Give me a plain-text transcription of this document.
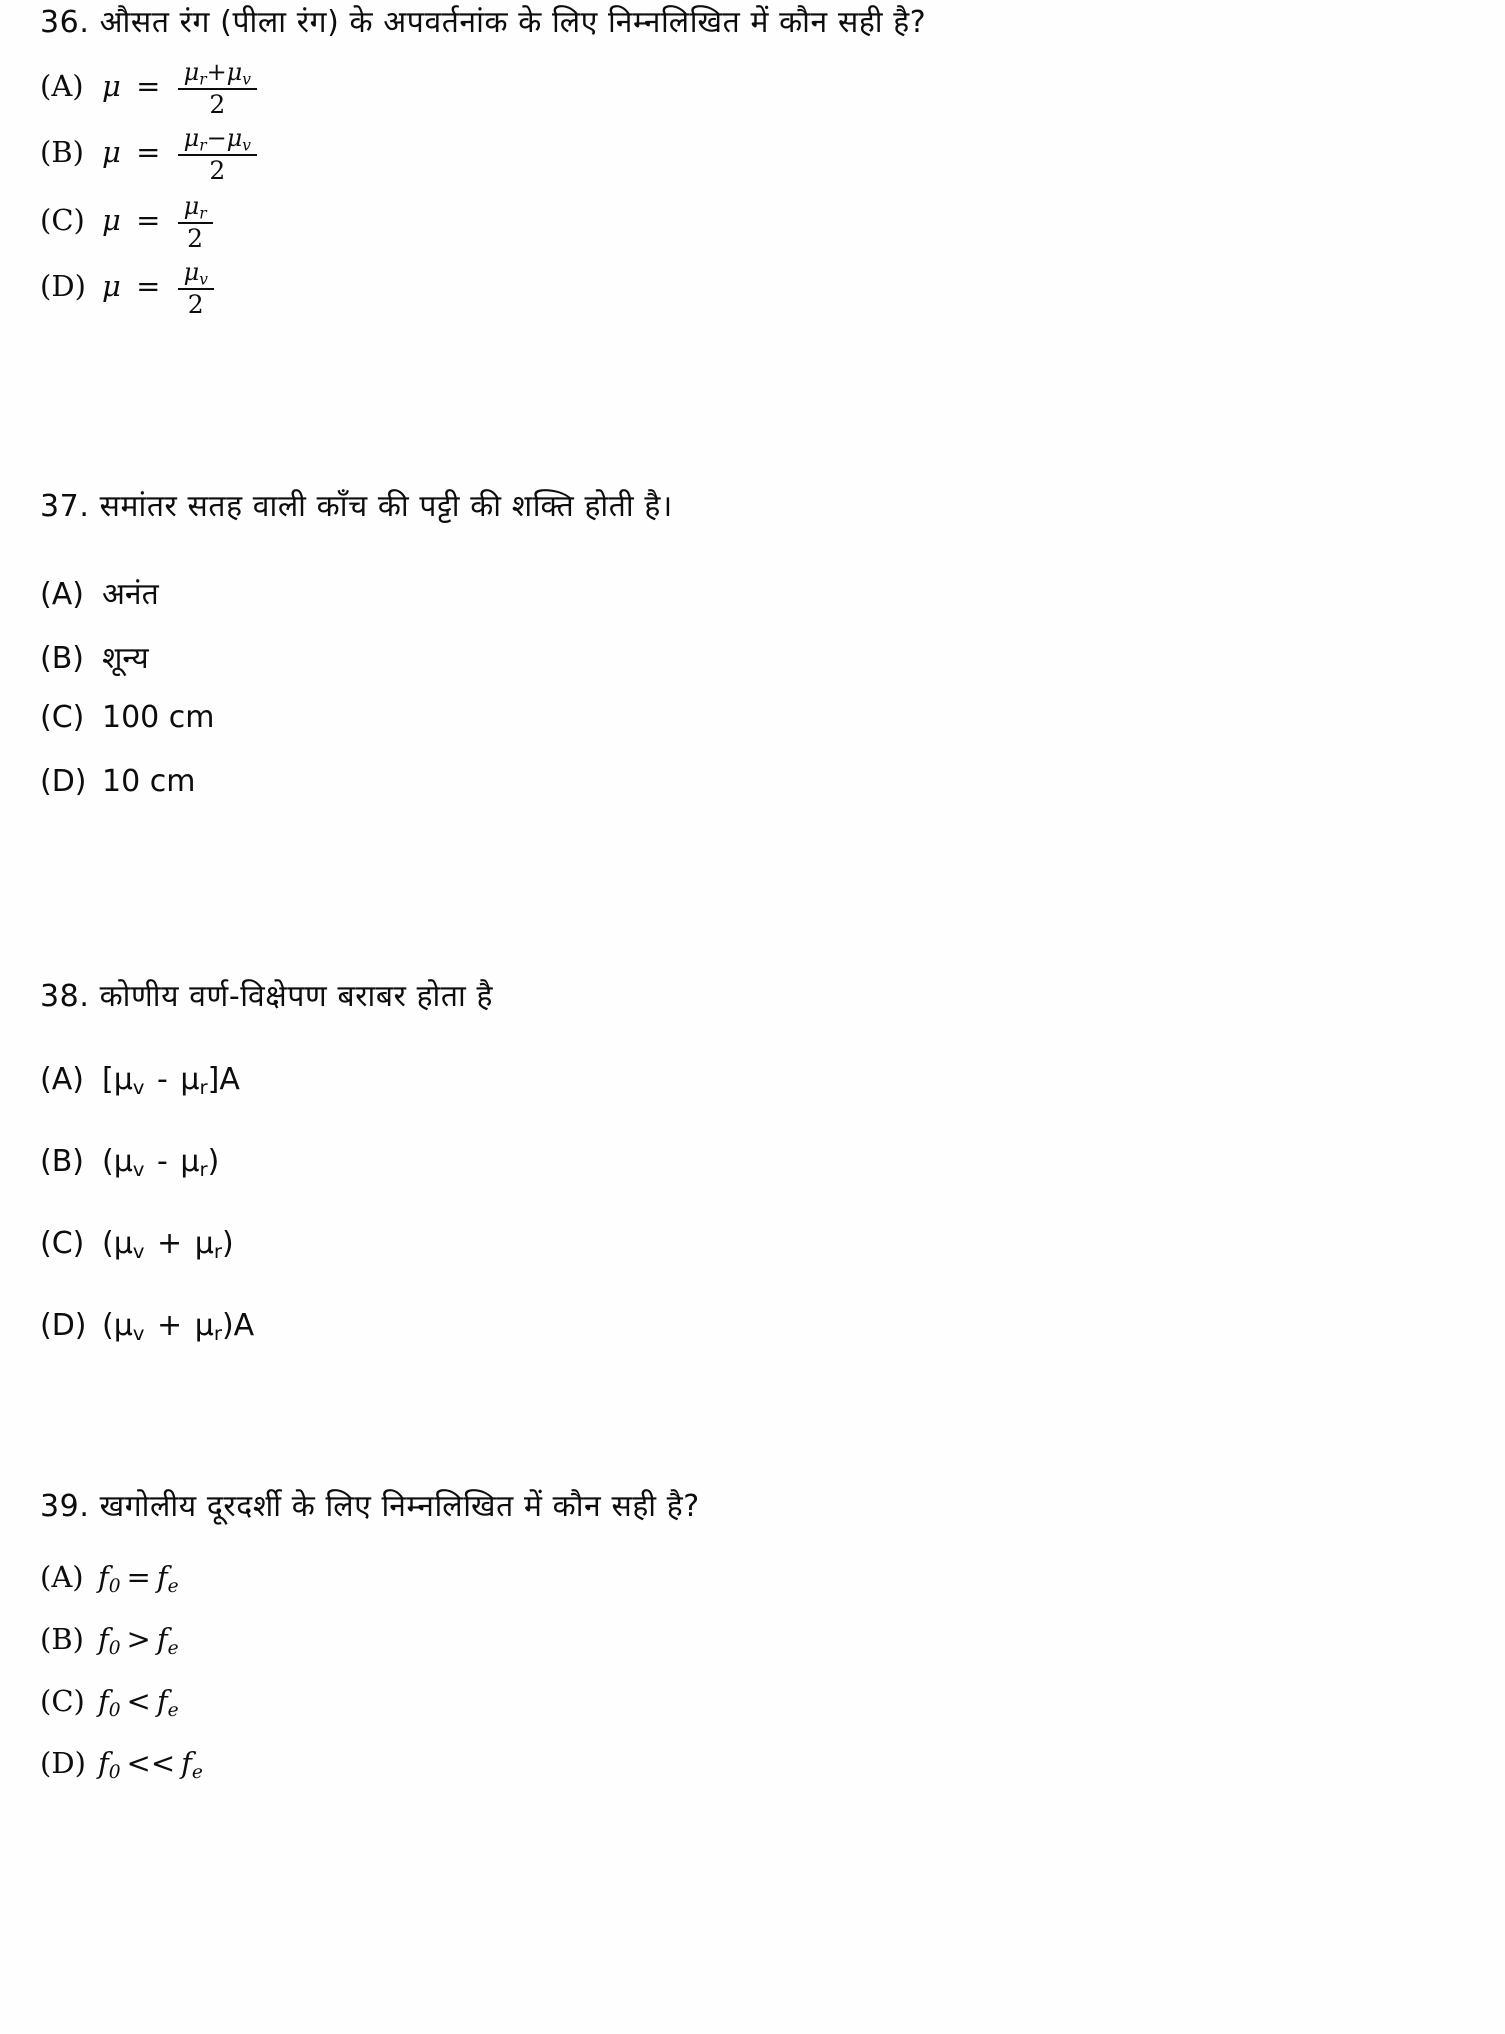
36. औसत रंग (पीला रंग) के अपवर्तनांक के लिए निम्नलिखित में कौन सही है?
(A) $\mu = \frac{\mu_r+\mu_v}{2}$
(B) $\mu = \frac{\mu_r-\mu_v}{2}$
(C) $\mu = \frac{\mu_r}{2}$
(D) $\mu = \frac{\mu_v}{2}$
37. समांतर सतह वाली काँच की पट्टी की शक्ति होती है।
(A) अनंत
(B) शून्य
(C) 100 cm
(D) 10 cm
38. कोणीय वर्ण-विक्षेपण बराबर होता है
(A) [μv - μr]A
(B) (μv - μr)
(C) (μv + μr)
(D) (μv + μr)A
39. खगोलीय दूरदर्शी के लिए निम्नलिखित में कौन सही है?
(A) $f_0 = f_e$
(B) $f_0 > f_e$
(C) $f_0 < f_e$
(D) $f_0 << f_e$
